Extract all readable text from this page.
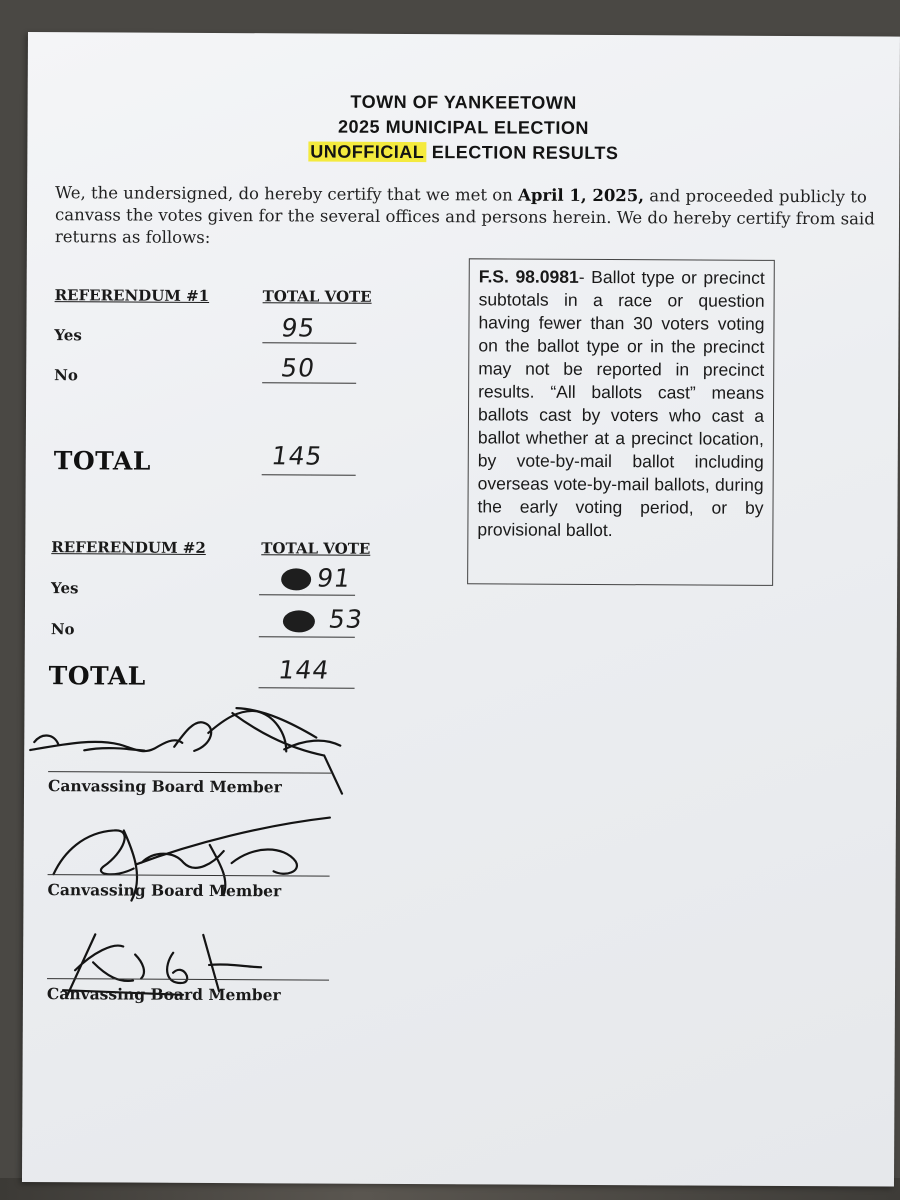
TOWN OF YANKEETOWN
2025 MUNICIPAL ELECTION
UNOFFICIAL ELECTION RESULTS
We, the undersigned, do hereby certify that we met on April 1, 2025, and proceeded publicly to canvass the votes given for the several offices and persons herein. We do hereby certify from said returns as follows:
REFERENDUM #1	TOTAL VOTE
Yes	95
No	50
TOTAL	145
REFERENDUM #2	TOTAL VOTE
Yes	91
No	53
TOTAL	144
F.S. 98.0981- Ballot type or precinct subtotals in a race or question having fewer than 30 voters voting on the ballot type or in the precinct may not be reported in precinct results. “All ballots cast” means ballots cast by voters who cast a ballot whether at a precinct location, by vote-by-mail ballot including overseas vote-by-mail ballots, during the early voting period, or by provisional ballot.
Canvassing Board Member
Canvassing Board Member
Canvassing Board Member
